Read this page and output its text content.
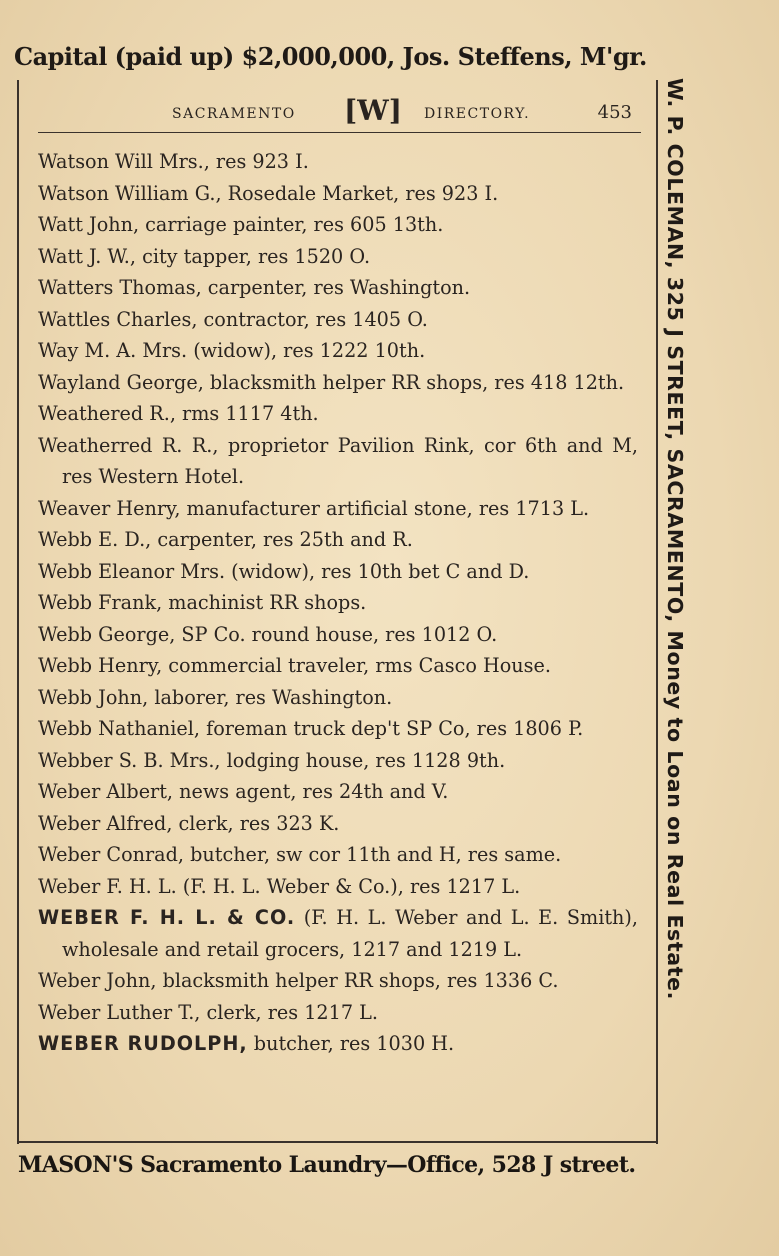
Capital (paid up) $2,000,000, Jos. Steffens, M'gr.
SACRAMENTO [W] DIRECTORY.	453
Watson Will Mrs., res 923 I.
Watson William G., Rosedale Market, res 923 I.
Watt John, carriage painter, res 605 13th.
Watt J. W., city tapper, res 1520 O.
Watters Thomas, carpenter, res Washington.
Wattles Charles, contractor, res 1405 O.
Way M. A. Mrs. (widow), res 1222 10th.
Wayland George, blacksmith helper RR shops, res 418 12th.
Weathered R., rms 1117 4th.
Weatherred R. R., proprietor Pavilion Rink, cor 6th and M, res Western Hotel.
Weaver Henry, manufacturer artificial stone, res 1713 L.
Webb E. D., carpenter, res 25th and R.
Webb Eleanor Mrs. (widow), res 10th bet C and D.
Webb Frank, machinist RR shops.
Webb George, SP Co. round house, res 1012 O.
Webb Henry, commercial traveler, rms Casco House.
Webb John, laborer, res Washington.
Webb Nathaniel, foreman truck dep't SP Co, res 1806 P.
Webber S. B. Mrs., lodging house, res 1128 9th.
Weber Albert, news agent, res 24th and V.
Weber Alfred, clerk, res 323 K.
Weber Conrad, butcher, sw cor 11th and H, res same.
Weber F. H. L. (F. H. L. Weber & Co.), res 1217 L.
WEBER F. H. L. & CO. (F. H. L. Weber and L. E. Smith), wholesale and retail grocers, 1217 and 1219 L.
Weber John, blacksmith helper RR shops, res 1336 C.
Weber Luther T., clerk, res 1217 L.
WEBER RUDOLPH, butcher, res 1030 H.
W. P. COLEMAN, 325 J STREET, SACRAMENTO, Money to Loan on Real Estate.
MASON'S Sacramento Laundry—Office, 528 J street.
